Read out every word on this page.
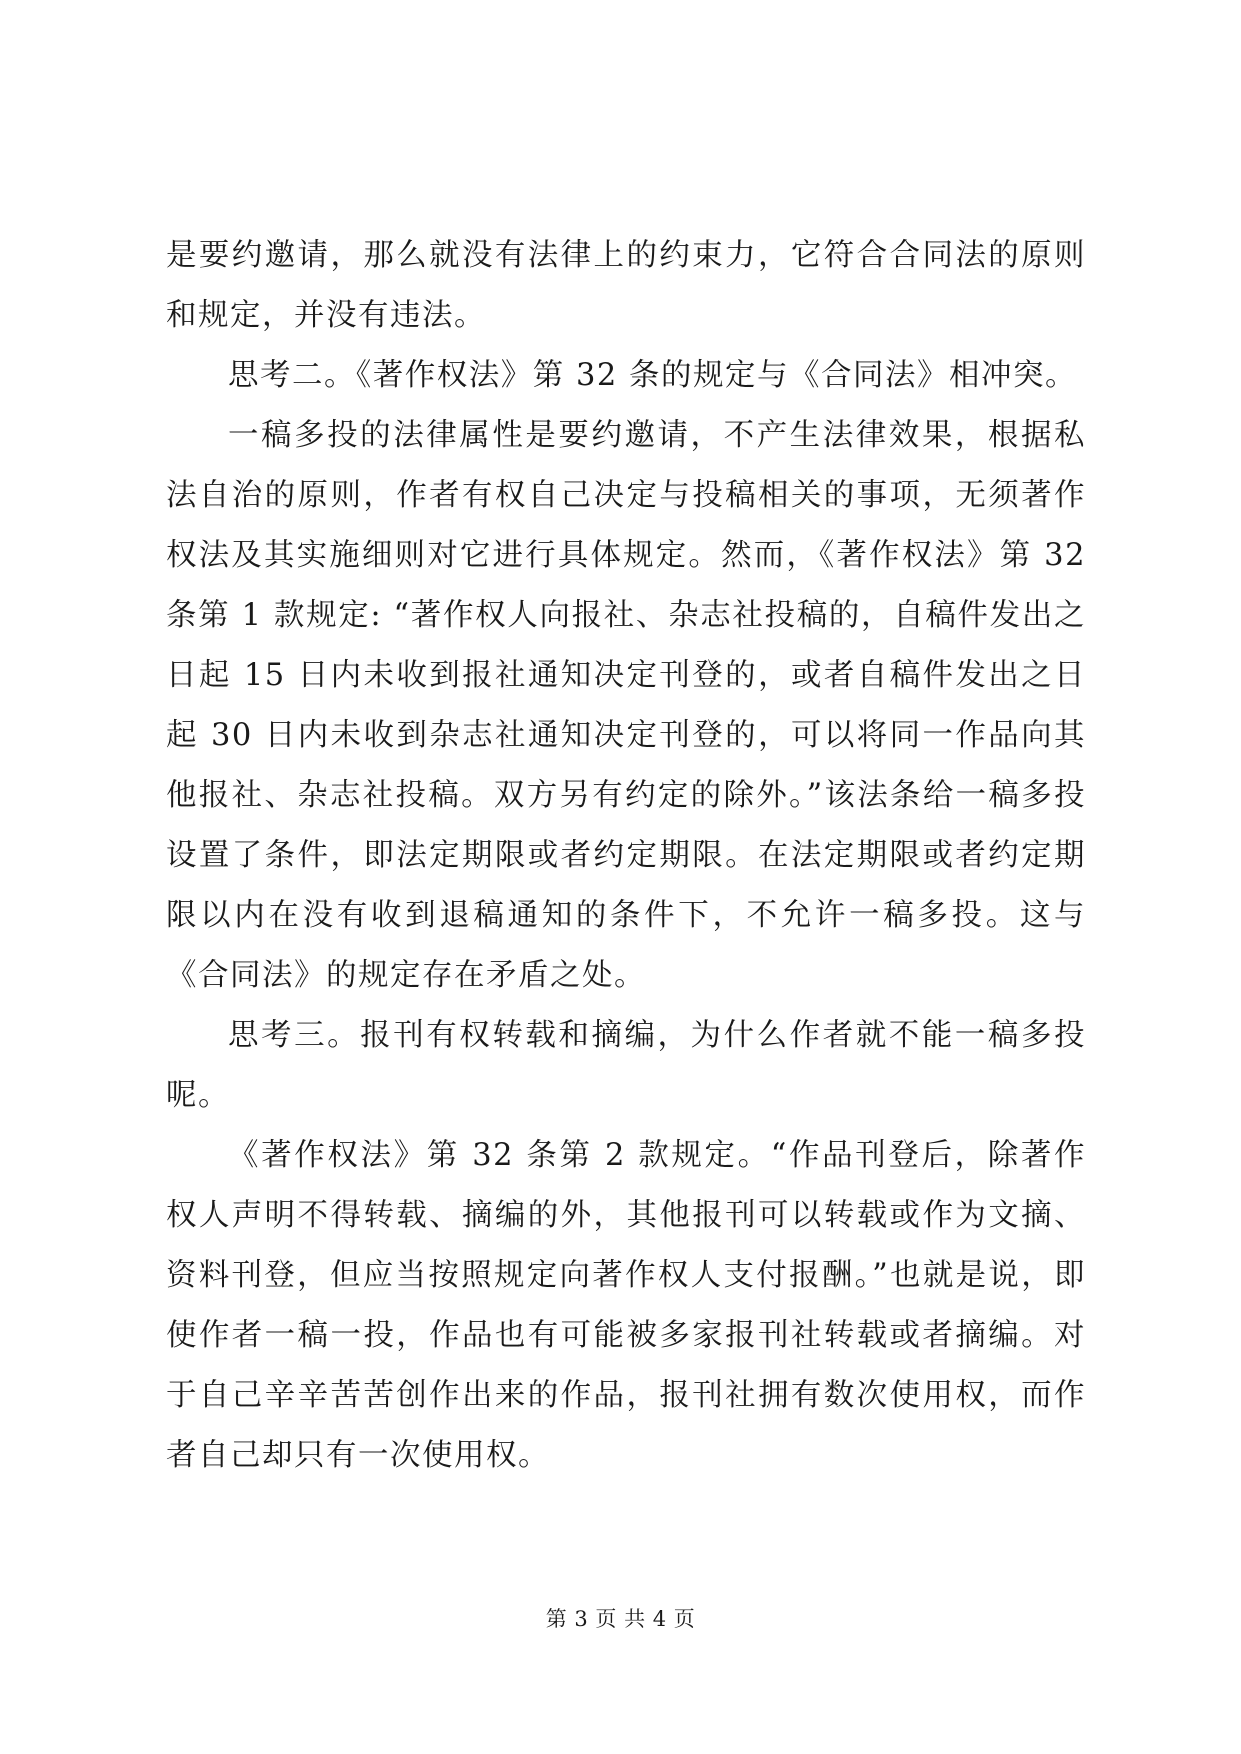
是要约邀请，那么就没有法律上的约束力，它符合合同法的原则和规定，并没有违法。

思考二。《著作权法》第 32 条的规定与《合同法》相冲突。

一稿多投的法律属性是要约邀请，不产生法律效果，根据私法自治的原则，作者有权自己决定与投稿相关的事项，无须著作权法及其实施细则对它进行具体规定。然而，《著作权法》第 32 条第 1 款规定: “著作权人向报社、杂志社投稿的，自稿件发出之日起 15 日内未收到报社通知决定刊登的，或者自稿件发出之日起 30 日内未收到杂志社通知决定刊登的，可以将同一作品向其他报社、杂志社投稿。双方另有约定的除外。”该法条给一稿多投设置了条件，即法定期限或者约定期限。在法定期限或者约定期限以内在没有收到退稿通知的条件下，不允许一稿多投。这与《合同法》的规定存在矛盾之处。

思考三。报刊有权转载和摘编，为什么作者就不能一稿多投呢。

《著作权法》第 32 条第 2 款规定。“作品刊登后，除著作权人声明不得转载、摘编的外，其他报刊可以转载或作为文摘、资料刊登，但应当按照规定向著作权人支付报酬。”也就是说，即使作者一稿一投，作品也有可能被多家报刊社转载或者摘编。对于自己辛辛苦苦创作出来的作品，报刊社拥有数次使用权，而作者自己却只有一次使用权。

第 3 页 共 4 页
